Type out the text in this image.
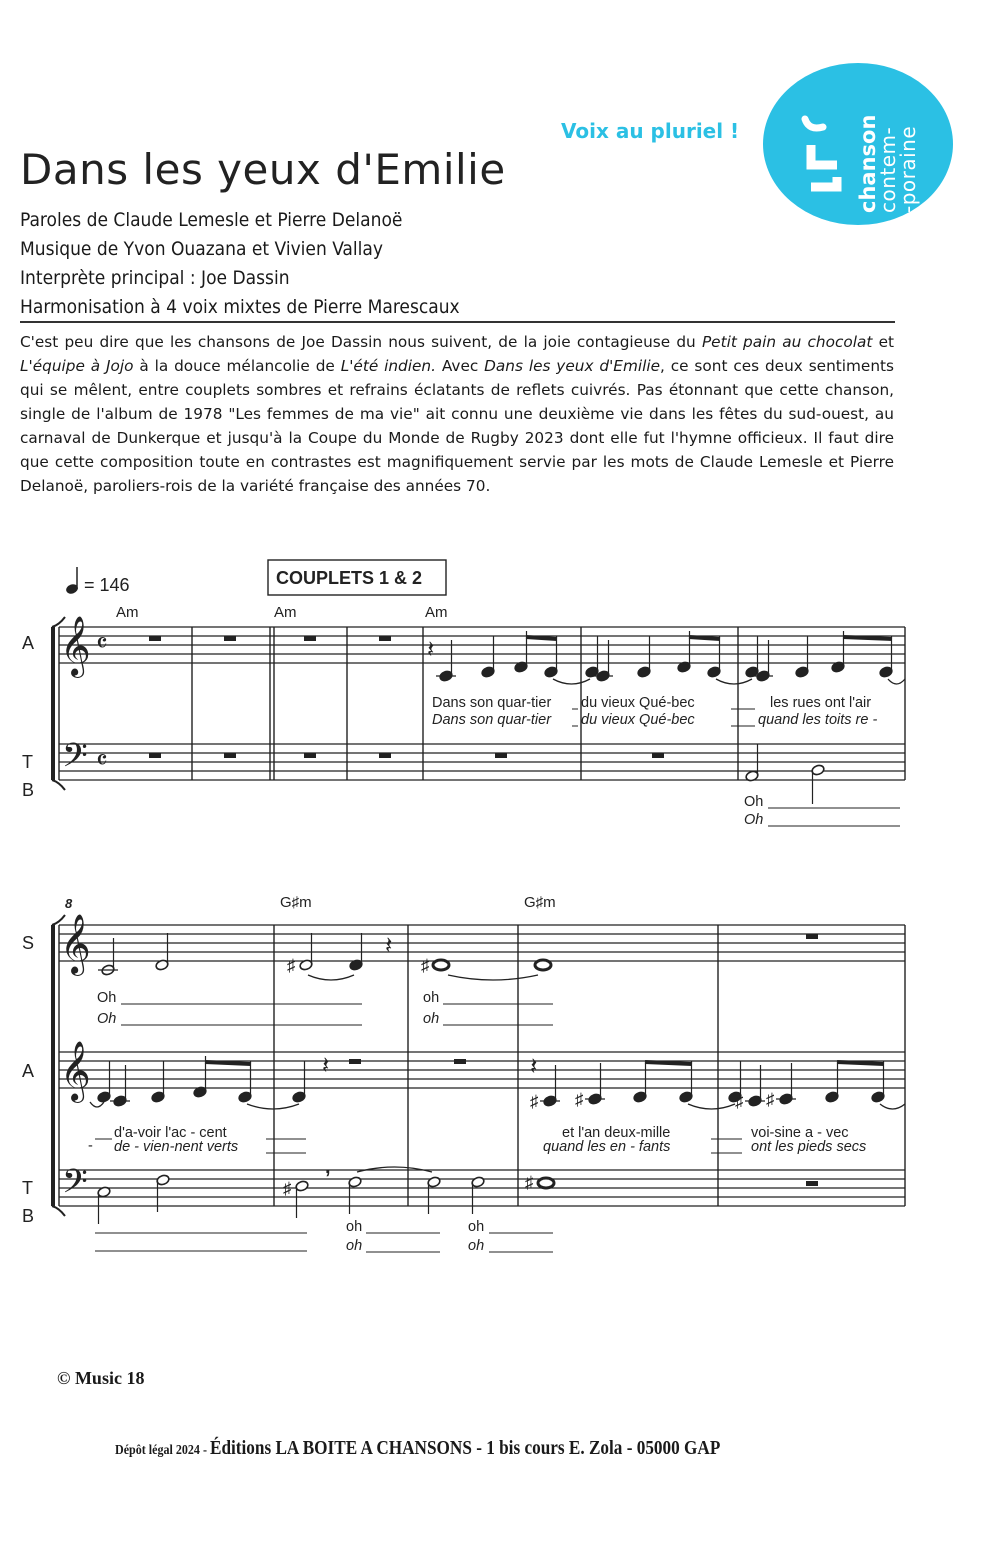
chanson
contem-
-poraine
Voix au pluriel !
Dans les yeux d'Emilie
Paroles de Claude Lemesle et Pierre Delanoë
Musique de Yvon Ouazana et Vivien Vallay
Interprète principal : Joe Dassin
Harmonisation à 4 voix mixtes de Pierre Marescaux
C'est peu dire que les chansons de Joe Dassin nous suivent, de la joie contagieuse du Petit pain au chocolat et L'équipe à Jojo à la douce mélancolie de L'été indien. Avec Dans les yeux d'Emilie, ce sont ces deux sentiments qui se mêlent, entre couplets sombres et refrains éclatants de reflets cuivrés. Pas étonnant que cette chanson, single de l'album de 1978 "Les femmes de ma vie" ait connu une deuxième vie dans les fêtes du sud-ouest, au carnaval de Dunkerque et jusqu'à la Coupe du Monde de Rugby 2023 dont elle fut l'hymne officieux. Il faut dire que cette composition toute en contrastes est magnifiquement servie par les mots de Claude Lemesle et Pierre Delanoë, paroliers-rois de la variété française des années 70.
= 146	COUPLETS 1 & 2
Am	Am	Am
A
T
B
𝄞 𝄴
𝄢 𝄴
𝄽
Dans son quar-tier du vieux Qué-bec	les rues ont l'air
Dans son quar-tier du vieux Qué-bec	quand les toits re -
Oh
Oh
8	G♯m	G♯m
S
A
T
B
𝄞
𝄞
𝄢
♯
𝄽
♯
Oh
Oh
oh
oh
𝄽	𝄽
♯ ♯	♯ ♯
d'a-voir l'ac - cent
de - vien-nent verts
-
et l'an deux-mille
quand les en - fants
voi-sine a - vec
ont les pieds secs
♯
,
♯
oh
oh
oh
oh
© Music 18
Dépôt légal 2024 - Éditions LA BOITE A CHANSONS - 1 bis cours E. Zola - 05000 GAP
